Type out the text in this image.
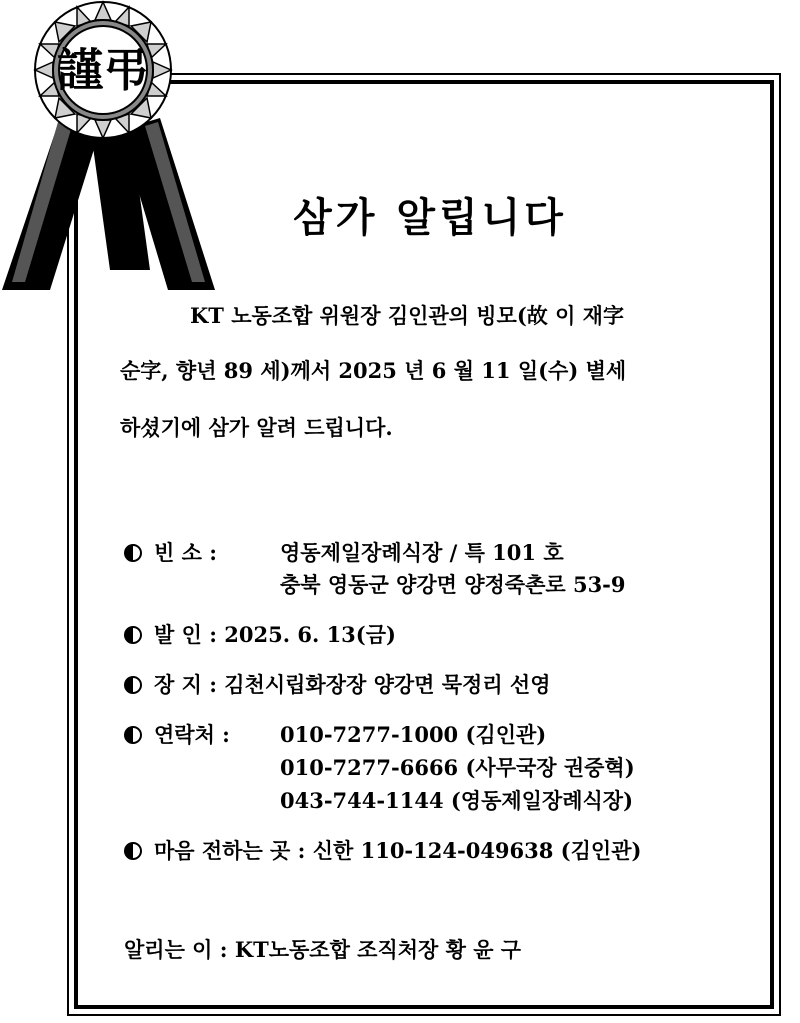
謹弔
삼가 알립니다
KT 노동조합 위원장 김인관의 빙모(故 이 재字
순字, 향년 89 세)께서 2025 년 6 월 11 일(수) 별세
하셨기에 삼가 알려 드립니다.
빈 소 :	영동제일장례식장 / 특 101 호
충북 영동군 양강면 양정죽촌로 53-9
발 인 : 2025. 6. 13(금)
장 지 : 김천시립화장장 양강면 묵정리 선영
연락처 : 010-7277-1000 (김인관)
010-7277-6666 (사무국장 권중혁)
043-744-1144 (영동제일장례식장)
마음 전하는 곳 : 신한 110-124-049638 (김인관)
알리는 이 : KT노동조합 조직처장 황 윤 구
